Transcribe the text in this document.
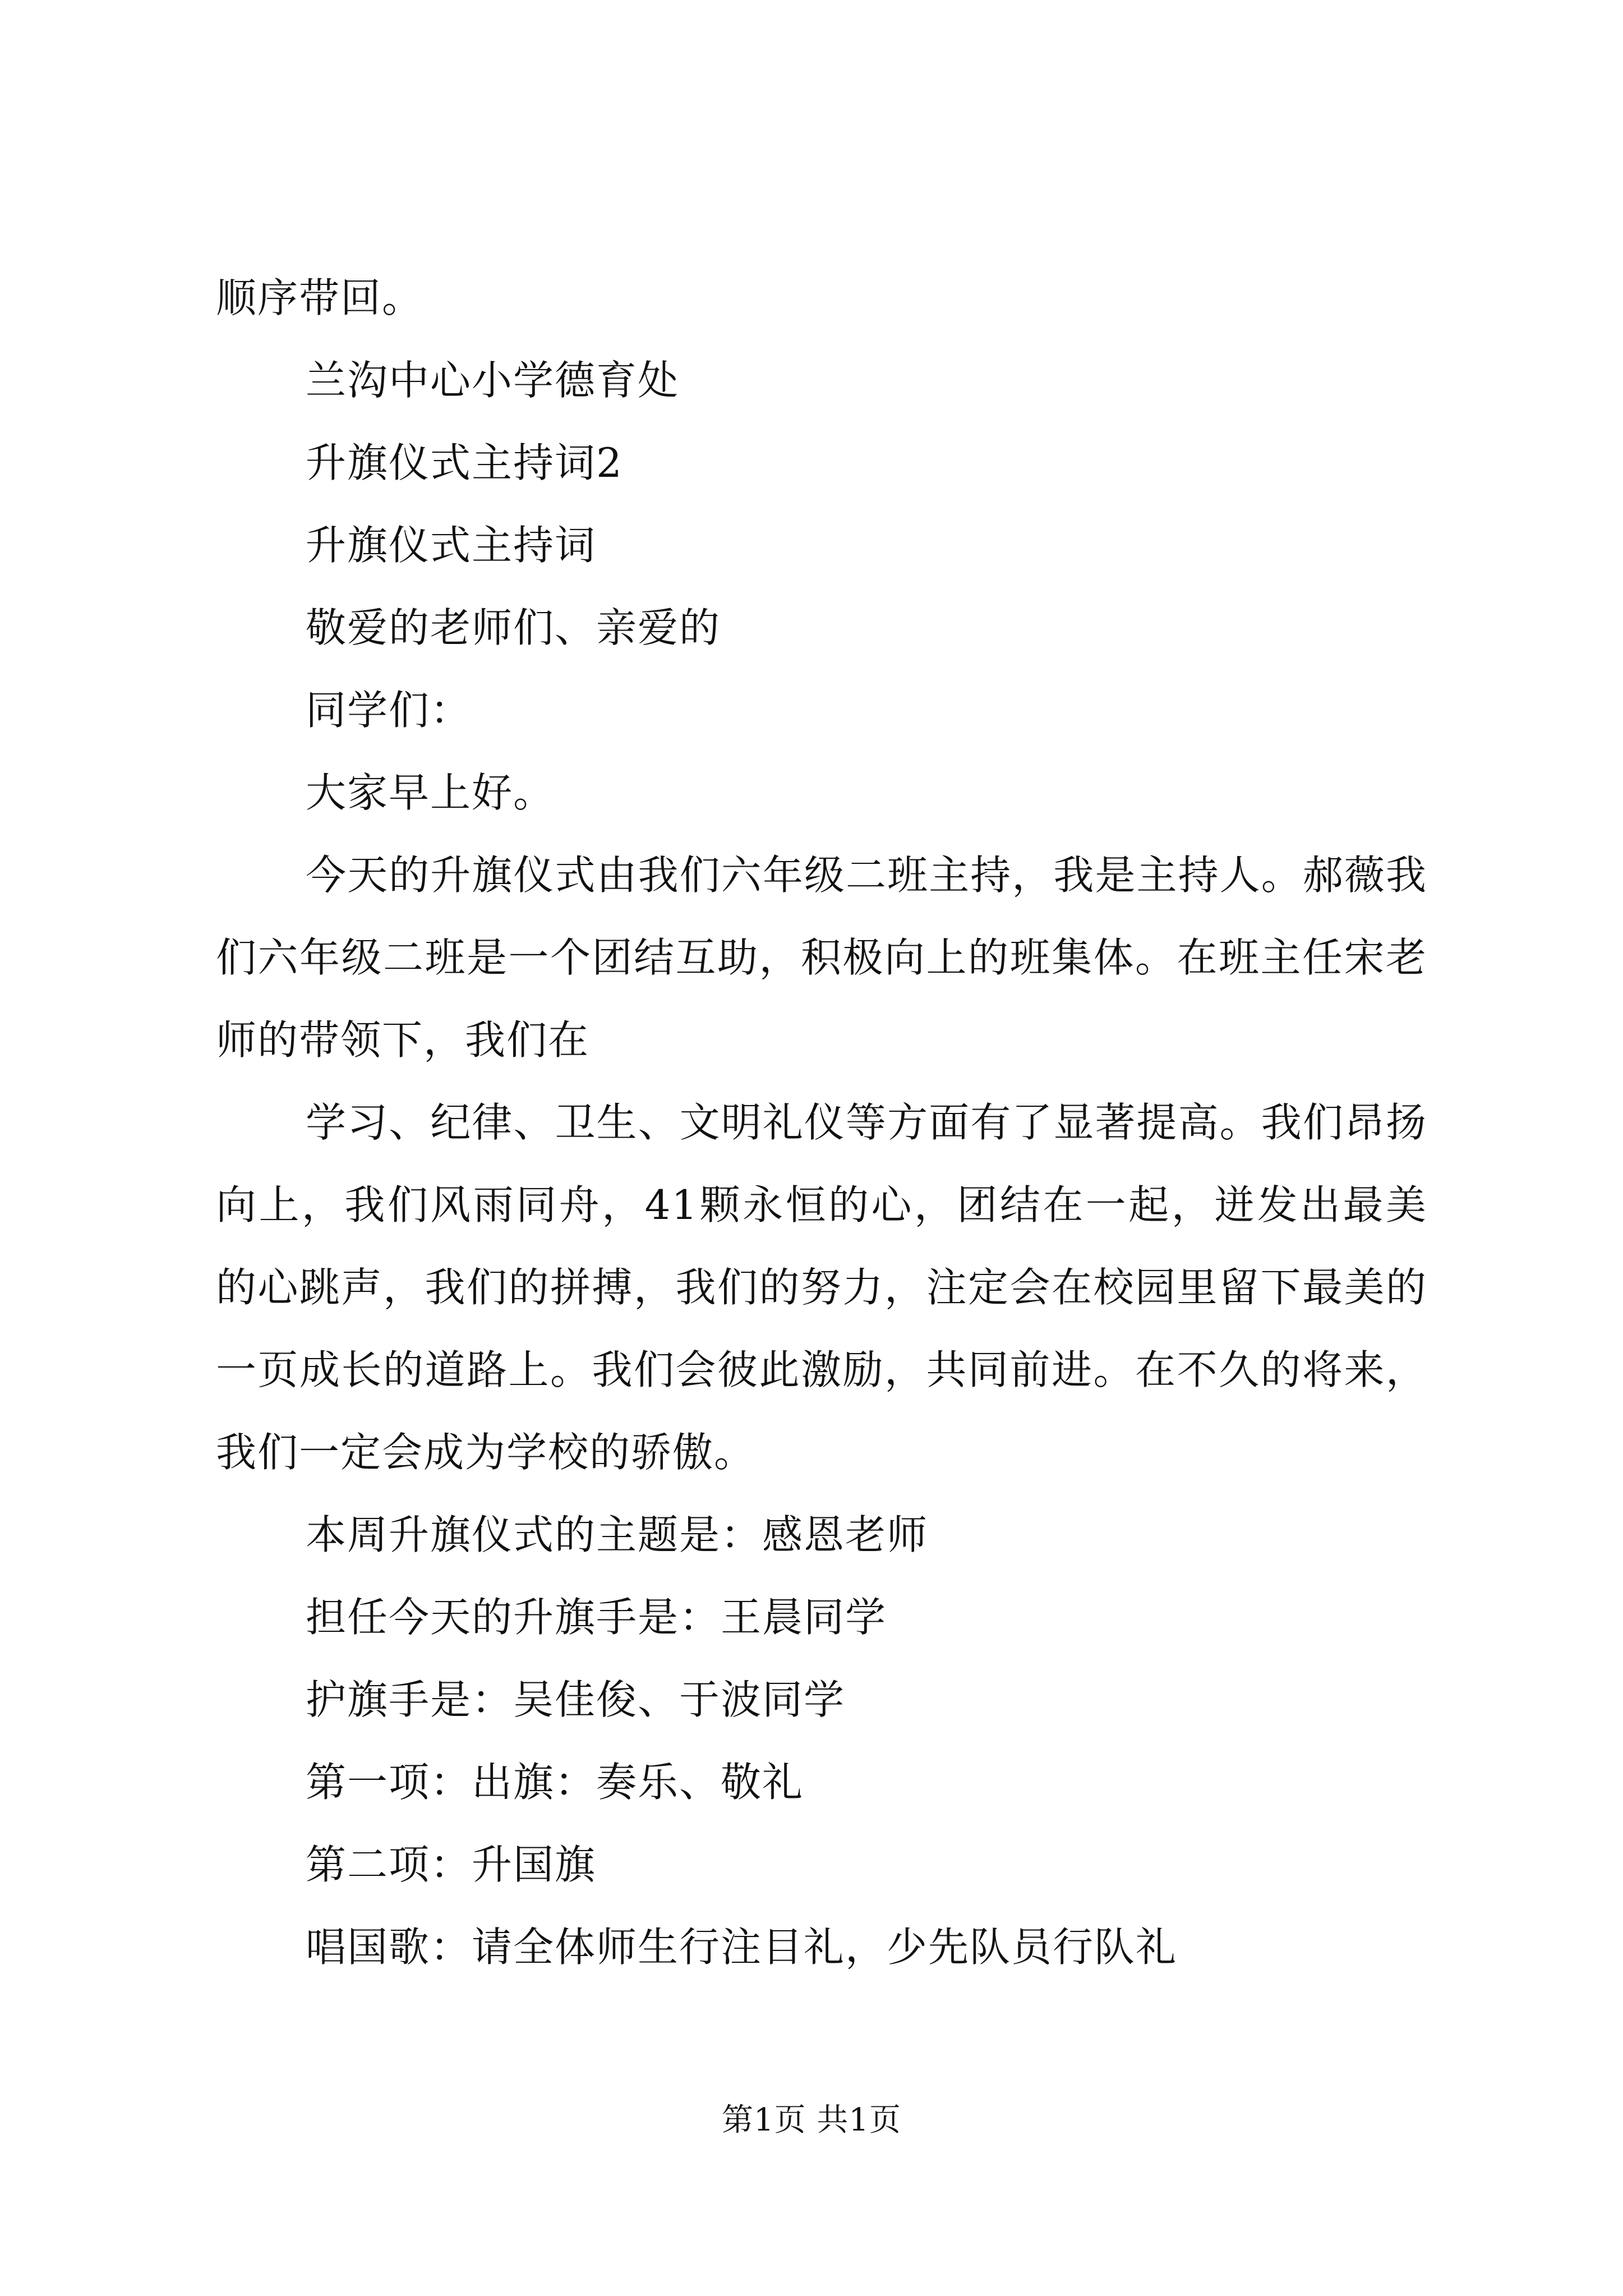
顺序带回。
兰沟中心小学德育处
升旗仪式主持词2
升旗仪式主持词
敬爱的老师们、亲爱的
同学们：
大家早上好。

今天的升旗仪式由我们六年级二班主持，我是主持人。郝薇我们六年级二班是一个团结互助，积极向上的班集体。在班主任宋老师的带领下，我们在

学习、纪律、卫生、文明礼仪等方面有了显著提高。我们昂扬向上，我们风雨同舟，41颗永恒的心，团结在一起，迸发出最美的心跳声，我们的拼搏，我们的努力，注定会在校园里留下最美的一页成长的道路上。我们会彼此激励，共同前进。在不久的将来，我们一定会成为学校的骄傲。

本周升旗仪式的主题是：感恩老师
担任今天的升旗手是：王晨同学
护旗手是：吴佳俊、于波同学
第一项：出旗：奏乐、敬礼
第二项：升国旗
唱国歌：请全体师生行注目礼，少先队员行队礼
第1页 共1页
